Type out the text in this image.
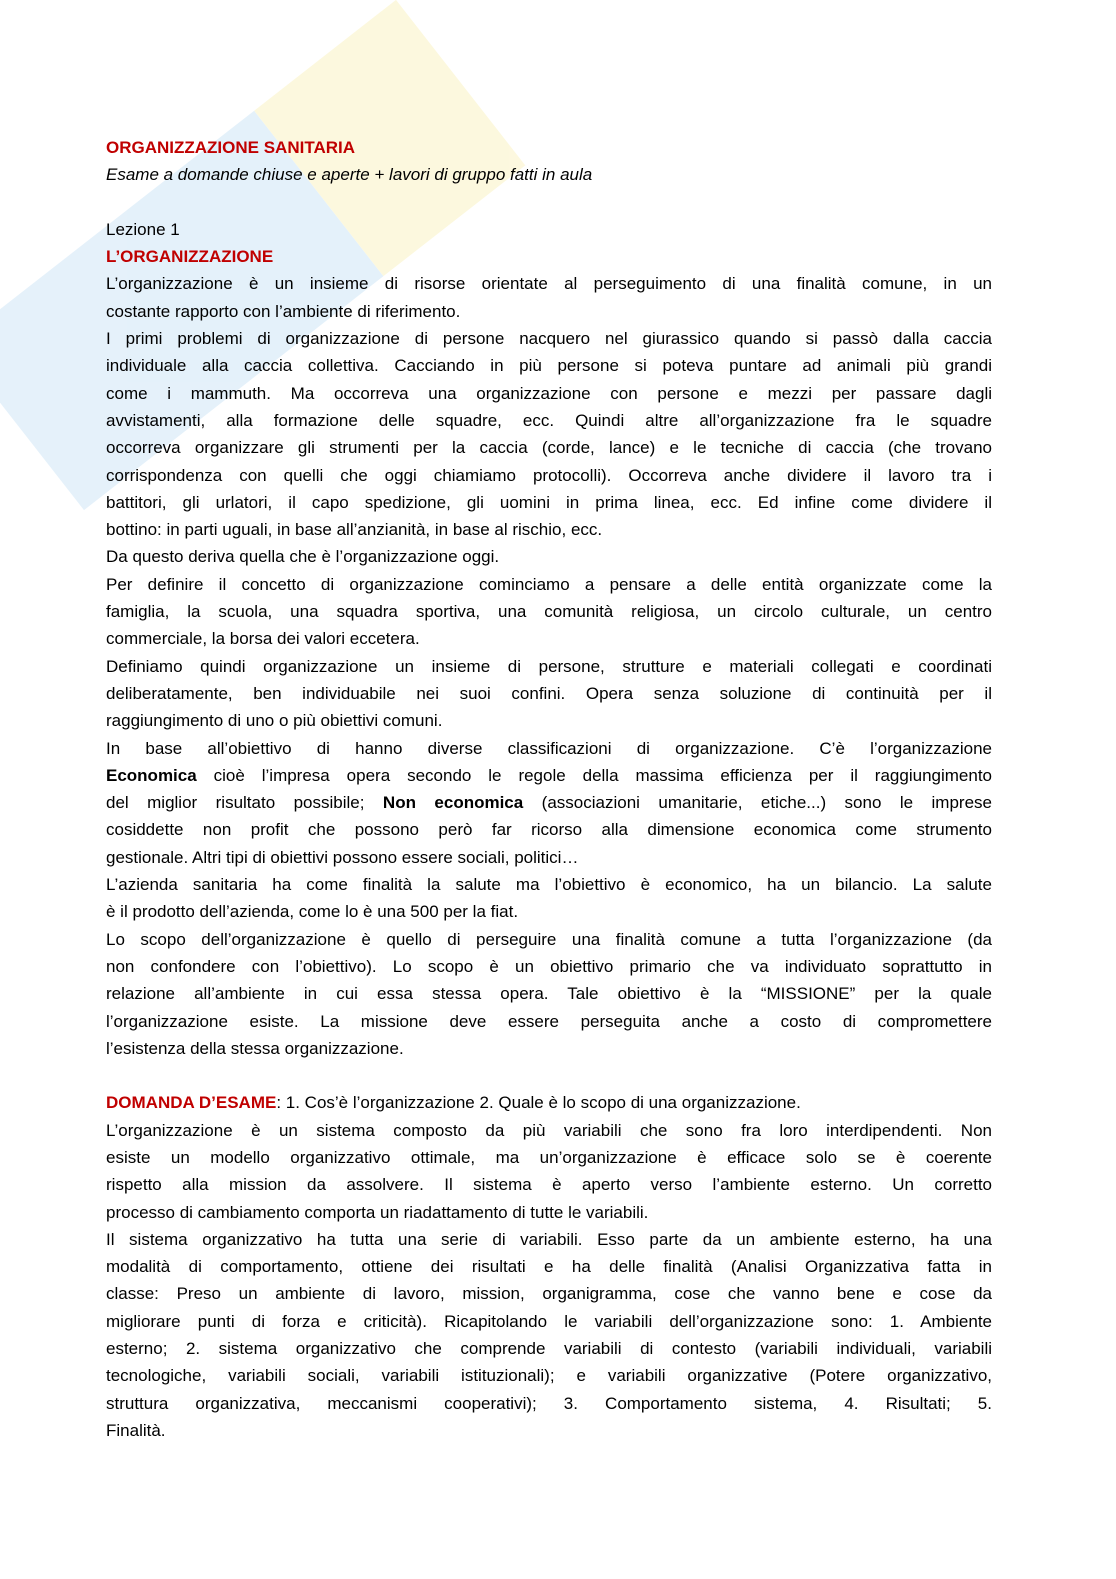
ORGANIZZAZIONE SANITARIA
Esame a domande chiuse e aperte + lavori di gruppo fatti in aula
Lezione 1
L’ORGANIZZAZIONE
L’organizzazione è un insieme di risorse orientate al perseguimento di una finalità comune, in un
costante rapporto con l’ambiente di riferimento.
I primi problemi di organizzazione di persone nacquero nel giurassico quando si passò dalla caccia
individuale alla caccia collettiva. Cacciando in più persone si poteva puntare ad animali più grandi
come i mammuth. Ma occorreva una organizzazione con persone e mezzi per passare dagli
avvistamenti, alla formazione delle squadre, ecc. Quindi altre all’organizzazione fra le squadre
occorreva organizzare gli strumenti per la caccia (corde, lance) e le tecniche di caccia (che trovano
corrispondenza con quelli che oggi chiamiamo protocolli). Occorreva anche dividere il lavoro tra i
battitori, gli urlatori, il capo spedizione, gli uomini in prima linea, ecc. Ed infine come dividere il
bottino: in parti uguali, in base all’anzianità, in base al rischio, ecc.
Da questo deriva quella che è l’organizzazione oggi.
Per definire il concetto di organizzazione cominciamo a pensare a delle entità organizzate come la
famiglia, la scuola, una squadra sportiva, una comunità religiosa, un circolo culturale, un centro
commerciale, la borsa dei valori eccetera.
Definiamo quindi organizzazione un insieme di persone, strutture e materiali collegati e coordinati
deliberatamente, ben individuabile nei suoi confini. Opera senza soluzione di continuità per il
raggiungimento di uno o più obiettivi comuni.
In base all’obiettivo di hanno diverse classificazioni di organizzazione. C’è l’organizzazione
Economica cioè l’impresa opera secondo le regole della massima efficienza per il raggiungimento
del miglior risultato possibile; Non economica (associazioni umanitarie, etiche...) sono le imprese
cosiddette non profit che possono però far ricorso alla dimensione economica come strumento
gestionale. Altri tipi di obiettivi possono essere sociali, politici…
L’azienda sanitaria ha come finalità la salute ma l’obiettivo è economico, ha un bilancio. La salute
è il prodotto dell’azienda, come lo è una 500 per la fiat.
Lo scopo dell’organizzazione è quello di perseguire una finalità comune a tutta l’organizzazione (da
non confondere con l’obiettivo). Lo scopo è un obiettivo primario che va individuato soprattutto in
relazione all’ambiente in cui essa stessa opera. Tale obiettivo è la “MISSIONE” per la quale
l’organizzazione esiste. La missione deve essere perseguita anche a costo di compromettere
l’esistenza della stessa organizzazione.
DOMANDA D’ESAME: 1. Cos’è l’organizzazione 2. Quale è lo scopo di una organizzazione.
L’organizzazione è un sistema composto da più variabili che sono fra loro interdipendenti. Non
esiste un modello organizzativo ottimale, ma un’organizzazione è efficace solo se è coerente
rispetto alla mission da assolvere. Il sistema è aperto verso l’ambiente esterno. Un corretto
processo di cambiamento comporta un riadattamento di tutte le variabili.
Il sistema organizzativo ha tutta una serie di variabili. Esso parte da un ambiente esterno, ha una
modalità di comportamento, ottiene dei risultati e ha delle finalità (Analisi Organizzativa fatta in
classe: Preso un ambiente di lavoro, mission, organigramma, cose che vanno bene e cose da
migliorare punti di forza e criticità). Ricapitolando le variabili dell’organizzazione sono: 1. Ambiente
esterno; 2. sistema organizzativo che comprende variabili di contesto (variabili individuali, variabili
tecnologiche, variabili sociali, variabili istituzionali); e variabili organizzative (Potere organizzativo,
struttura organizzativa, meccanismi cooperativi); 3. Comportamento sistema, 4. Risultati; 5.
Finalità.
